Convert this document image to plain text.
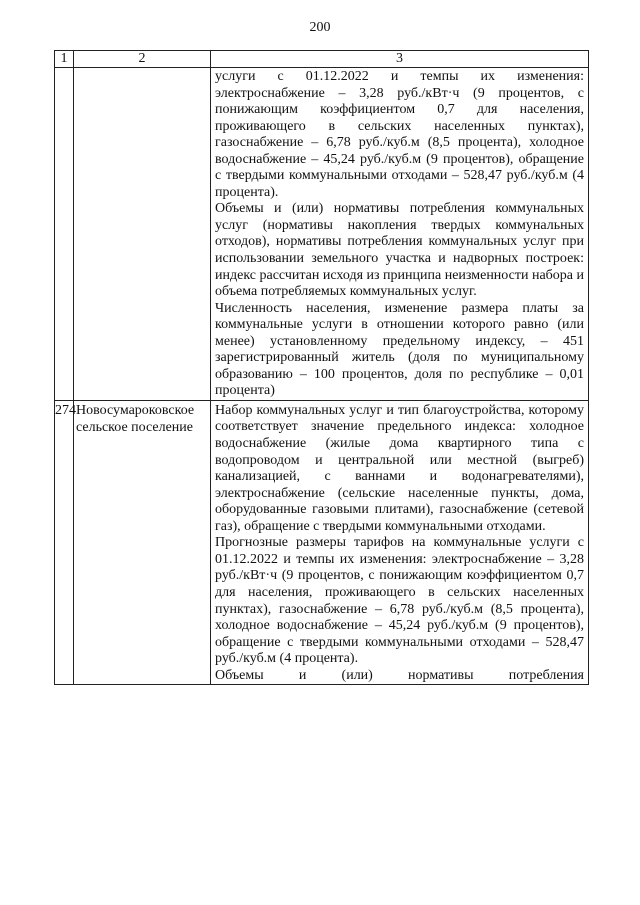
200
1	2	3

		услуги с 01.12.2022 и темпы их изменения: электроснабжение – 3,28 руб./кВт·ч (9 процентов, с понижающим коэффициентом 0,7 для населения, проживающего в сельских населенных пунктах), газоснабжение – 6,78 руб./куб.м (8,5 процента), холодное водоснабжение – 45,24 руб./куб.м (9 процентов), обращение с твердыми коммунальными отходами – 528,47 руб./куб.м (4 процента).

Объемы и (или) нормативы потребления коммунальных услуг (нормативы накопления твердых коммунальных отходов), нормативы потребления коммунальных услуг при использовании земельного участка и надворных построек: индекс рассчитан исходя из принципа неизменности набора и объема потребляемых коммунальных услуг.

Численность населения, изменение размера платы за коммунальные услуги в отношении которого равно (или менее) установленному предельному индексу, – 451 зарегистрированный житель (доля по муниципальному образованию – 100 процентов, доля по республике – 0,01 процента)

274	Новосумароковское сельское поселение	Набор коммунальных услуг и тип благоустройства, которому соответствует значение предельного индекса: холодное водоснабжение (жилые дома квартирного типа с водопроводом и центральной или местной (выгреб) канализацией, с ваннами и водонагревателями), электроснабжение (сельские населенные пункты, дома, оборудованные газовыми плитами), газоснабжение (сетевой газ), обращение с твердыми коммунальными отходами.

Прогнозные размеры тарифов на коммунальные услуги с 01.12.2022 и темпы их изменения: электроснабжение – 3,28 руб./кВт·ч (9 процентов, с понижающим коэффициентом 0,7 для населения, проживающего в сельских населенных пунктах), газоснабжение – 6,78 руб./куб.м (8,5 процента), холодное водоснабжение – 45,24 руб./куб.м (9 процентов), обращение с твердыми коммунальными отходами – 528,47 руб./куб.м (4 процента).

Объемы и (или) нормативы потребления
